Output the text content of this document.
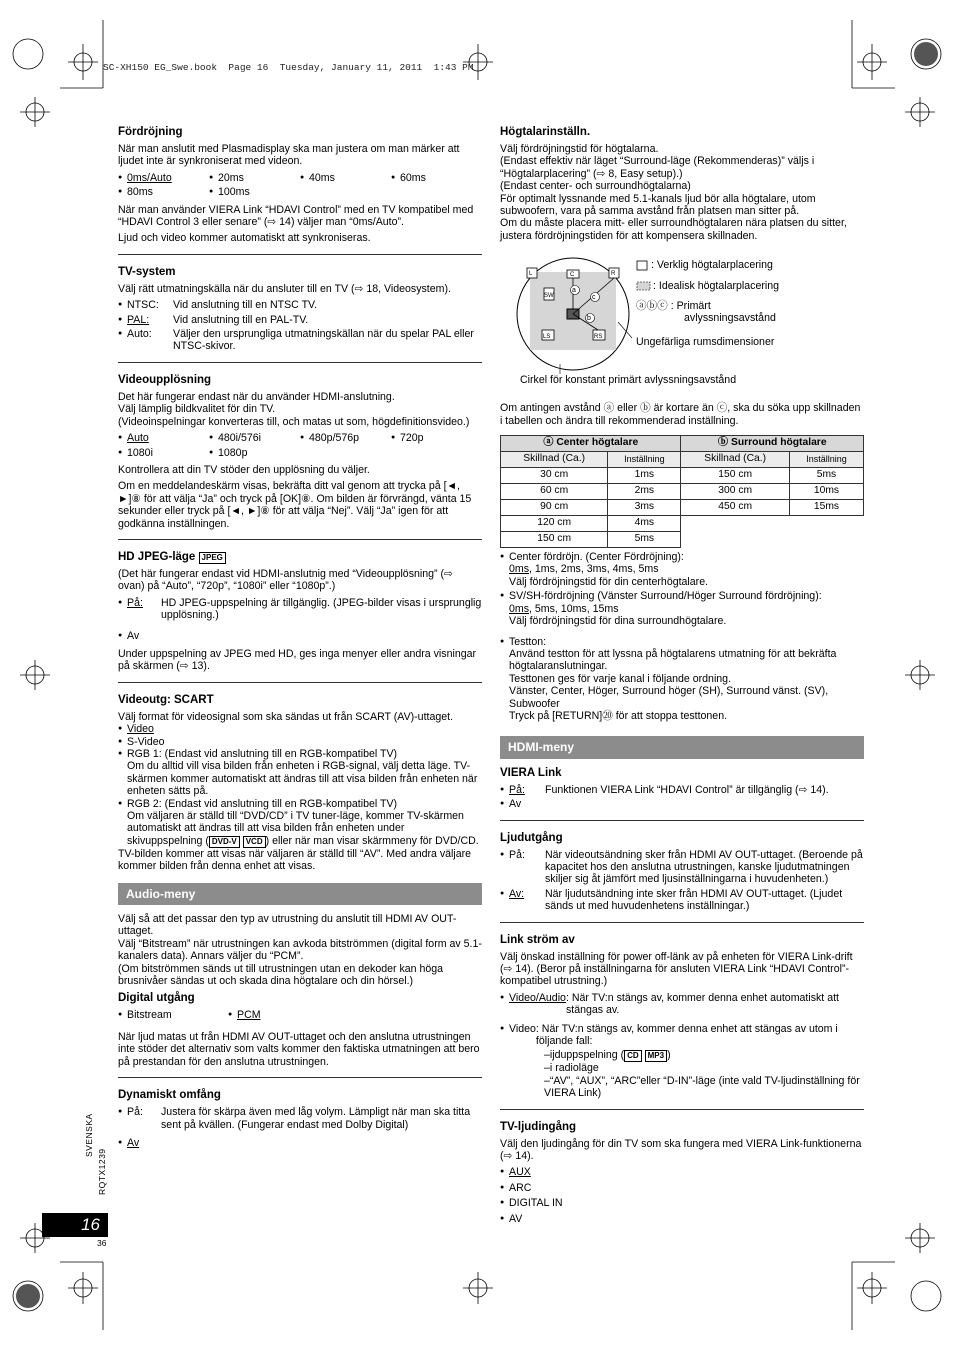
SC-XH150 EG_Swe.book  Page 16  Tuesday, January 11, 2011  1:43 PM
Fördröjning
När man anslutit med Plasmadisplay ska man justera om man märker att ljudet inte är synkroniserat med videon.
● 0ms/Auto	● 20ms	● 40ms	● 60ms
● 80ms	● 100ms
När man använder VIERA Link “HDAVI Control” med en TV kompatibel med “HDAVI Control 3 eller senare” (⇨ 14) väljer man “0ms/Auto”.
Ljud och video kommer automatiskt att synkroniseras.
TV-system
Välj rätt utmatningskälla när du ansluter till en TV (⇨ 18, Videosystem).
● NTSC: Vid anslutning till en NTSC TV.
● PAL: Vid anslutning till en PAL-TV.
● Auto:	Väljer den ursprungliga utmatningskällan när du spelar PAL eller NTSC-skivor.
Videoupplösning
Det här fungerar endast när du använder HDMI-anslutning.
Välj lämplig bildkvalitet för din TV.
(Videoinspelningar konverteras till, och matas ut som, högdefinitionsvideo.)
● Auto	● 480i/576i	● 480p/576p	● 720p
● 1080i	● 1080p
Kontrollera att din TV stöder den upplösning du väljer.
Om en meddelandeskärm visas, bekräfta ditt val genom att trycka på [◄, ►]⑧ för att välja “Ja” och tryck på [OK]⑧. Om bilden är förvrängd, vänta 15 sekunder eller tryck på [◄, ►]⑧ för att välja “Nej”. Välj “Ja” igen för att godkänna inställningen.
HD JPEG-läge JPEG
(Det här fungerar endast vid HDMI-anslutnig med “Videoupplösning” (⇨ ovan) på “Auto”, “720p”, “1080i” eller “1080p”.)
● På:	HD JPEG-uppspelning är tillgänglig. (JPEG-bilder visas i ursprunglig upplösning.)
● Av
Under uppspelning av JPEG med HD, ges inga menyer eller andra visningar på skärmen (⇨ 13).
Videoutg: SCART
Välj format för videosignal som ska sändas ut från SCART (AV)-uttaget.
● Video
● S-Video
● RGB 1: (Endast vid anslutning till en RGB-kompatibel TV)
Om du alltid vill visa bilden från enheten i RGB-signal, välj detta läge. TV-skärmen kommer automatiskt att ändras till att visa bilden från enheten när enheten sätts på.
● RGB 2: (Endast vid anslutning till en RGB-kompatibel TV)
Om väljaren är ställd till “DVD/CD” i TV tuner-läge, kommer TV-skärmen automatiskt att ändras till att visa bilden från enheten under skivuppspelning ( DVD-V VCD ) eller när man visar skärmmeny för DVD/CD.
TV-bilden kommer att visas när väljaren är ställd till “AV”. Med andra väljare kommer bilden från denna enhet att visas.
Audio-meny
Välj så att det passar den typ av utrustning du anslutit till HDMI AV OUT-uttaget.
Välj “Bitstream” när utrustningen kan avkoda bitströmmen (digital form av 5.1-kanalers data). Annars väljer du “PCM”.
(Om bitströmmen sänds ut till utrustningen utan en dekoder kan höga brusnivåer sändas ut och skada dina högtalare och din hörsel.)
Digital utgång
● Bitstream	● PCM
När ljud matas ut från HDMI AV OUT-uttaget och den anslutna utrustningen inte stöder det alternativ som valts kommer den faktiska utmatningen att bero på prestandan för den anslutna utrustningen.
Dynamiskt omfång
● På:	Justera för skärpa även med låg volym. Lämpligt när man ska titta sent på kvällen. (Fungerar endast med Dolby Digital)
● Av
Högtalarinställn.
Välj fördröjningstid för högtalarna.
(Endast effektiv när läget “Surround-läge (Rekommenderas)” väljs i “Högtalarplacering” (⇨ 8, Easy setup).)
(Endast center- och surroundhögtalarna)
För optimalt lyssnande med 5.1-kanals ljud bör alla högtalare, utom subwoofern, vara på samma avstånd från platsen man sitter på.
Om du måste placera mitt- eller surroundhögtalaren nära platsen du sitter, justera fördröjningstiden för att kompensera skillnaden.
L	R
C
SW
LS	RS
a
c
b
: Verklig högtalarplacering
: Idealisk högtalarplacering
ⓐⓑⓒ : Primärt
avlyssningsavstånd
Ungefärliga rumsdimensioner
Cirkel för konstant primärt avlyssningsavstånd
Om antingen avstånd ⓐ eller ⓑ är kortare än ⓒ, ska du söka upp skillnaden i tabellen och ändra till rekommenderad inställning.
ⓐ Center högtalare		ⓑ Surround högtalare	
Skillnad (Ca.)	Inställning	Skillnad (Ca.)	Inställning
30 cm	1ms	150 cm	5ms
60 cm	2ms	300 cm	10ms
90 cm	3ms	450 cm	15ms
120 cm	4ms		
150 cm	5ms		
● Center fördröjn. (Center Fördröjning):
0ms, 1ms, 2ms, 3ms, 4ms, 5ms
Välj fördröjningstid för din centerhögtalare.
● SV/SH-fördröjning (Vänster Surround/Höger Surround fördröjning):
0ms, 5ms, 10ms, 15ms
Välj fördröjningstid för dina surroundhögtalare.
● Testton:
Använd testton för att lyssna på högtalarens utmatning för att bekräfta högtalaranslutningar.
Testtonen ges för varje kanal i följande ordning.
Vänster, Center, Höger, Surround höger (SH), Surround vänst. (SV), Subwoofer
Tryck på [RETURN]⑳ för att stoppa testtonen.
HDMI-meny
VIERA Link
● På:	Funktionen VIERA Link “HDAVI Control” är tillgänglig (⇨ 14).
● Av
Ljudutgång
● På:	När videoutsändning sker från HDMI AV OUT-uttaget. (Beroende på kapacitet hos den anslutna utrustningen, kanske ljudutmatningen skiljer sig åt jämfört med ljusinställningarna i huvudenheten.)
● Av:	När ljudutsändning inte sker från HDMI AV OUT-uttaget. (Ljudet sänds ut med huvudenhetens inställningar.)
Link ström av
Välj önskad inställning för power off-länk av på enheten för VIERA Link-drift (⇨ 14). (Beror på inställningarna för ansluten VIERA Link “HDAVI Control”-kompatibel utrustning.)
● Video/Audio : När TV:n stängs av, kommer denna enhet automatiskt att stängas av.
● Video : När TV:n stängs av, kommer denna enhet att stängas av utom i följande fall:
–ijduppspelning ( CD MP3 )
–i radioläge
–“AV”, “AUX”, “ARC”eller “D-IN”-läge (inte vald TV-ljudinställning för VIERA Link)
TV-ljudingång
Välj den ljudingång för din TV som ska fungera med VIERA Link-funktionerna (⇨ 14).
● AUX
● ARC
● DIGITAL IN
● AV
SVENSKA
RQTX1239
16
36
